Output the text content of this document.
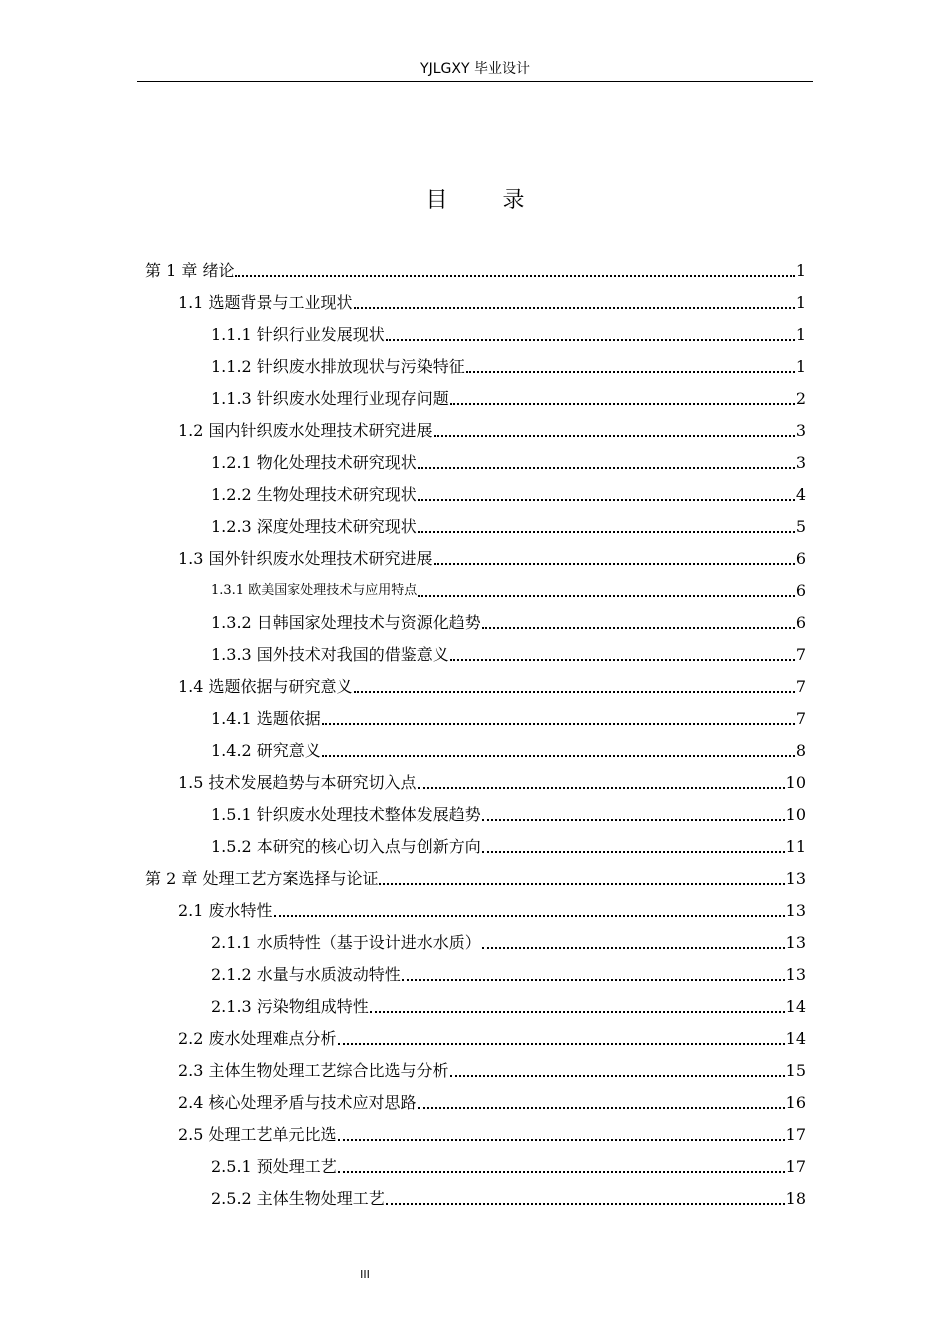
YJLGXY 毕业设计
目 录
第 1 章 绪论	1
1.1 选题背景与工业现状	1
1.1.1 针织行业发展现状	1
1.1.2 针织废水排放现状与污染特征	1
1.1.3 针织废水处理行业现存问题	2
1.2 国内针织废水处理技术研究进展	3
1.2.1 物化处理技术研究现状	3
1.2.2 生物处理技术研究现状	4
1.2.3 深度处理技术研究现状	5
1.3 国外针织废水处理技术研究进展	6
1.3.1 欧美国家处理技术与应用特点	6
1.3.2 日韩国家处理技术与资源化趋势	6
1.3.3 国外技术对我国的借鉴意义	7
1.4 选题依据与研究意义	7
1.4.1 选题依据	7
1.4.2 研究意义	8
1.5 技术发展趋势与本研究切入点	10
1.5.1 针织废水处理技术整体发展趋势	10
1.5.2 本研究的核心切入点与创新方向	11
第 2 章 处理工艺方案选择与论证	13
2.1 废水特性	13
2.1.1 水质特性（基于设计进水水质）	13
2.1.2 水量与水质波动特性	13
2.1.3 污染物组成特性	14
2.2 废水处理难点分析	14
2.3 主体生物处理工艺综合比选与分析	15
2.4 核心处理矛盾与技术应对思路	16
2.5 处理工艺单元比选	17
2.5.1 预处理工艺	17
2.5.2 主体生物处理工艺	18
III
